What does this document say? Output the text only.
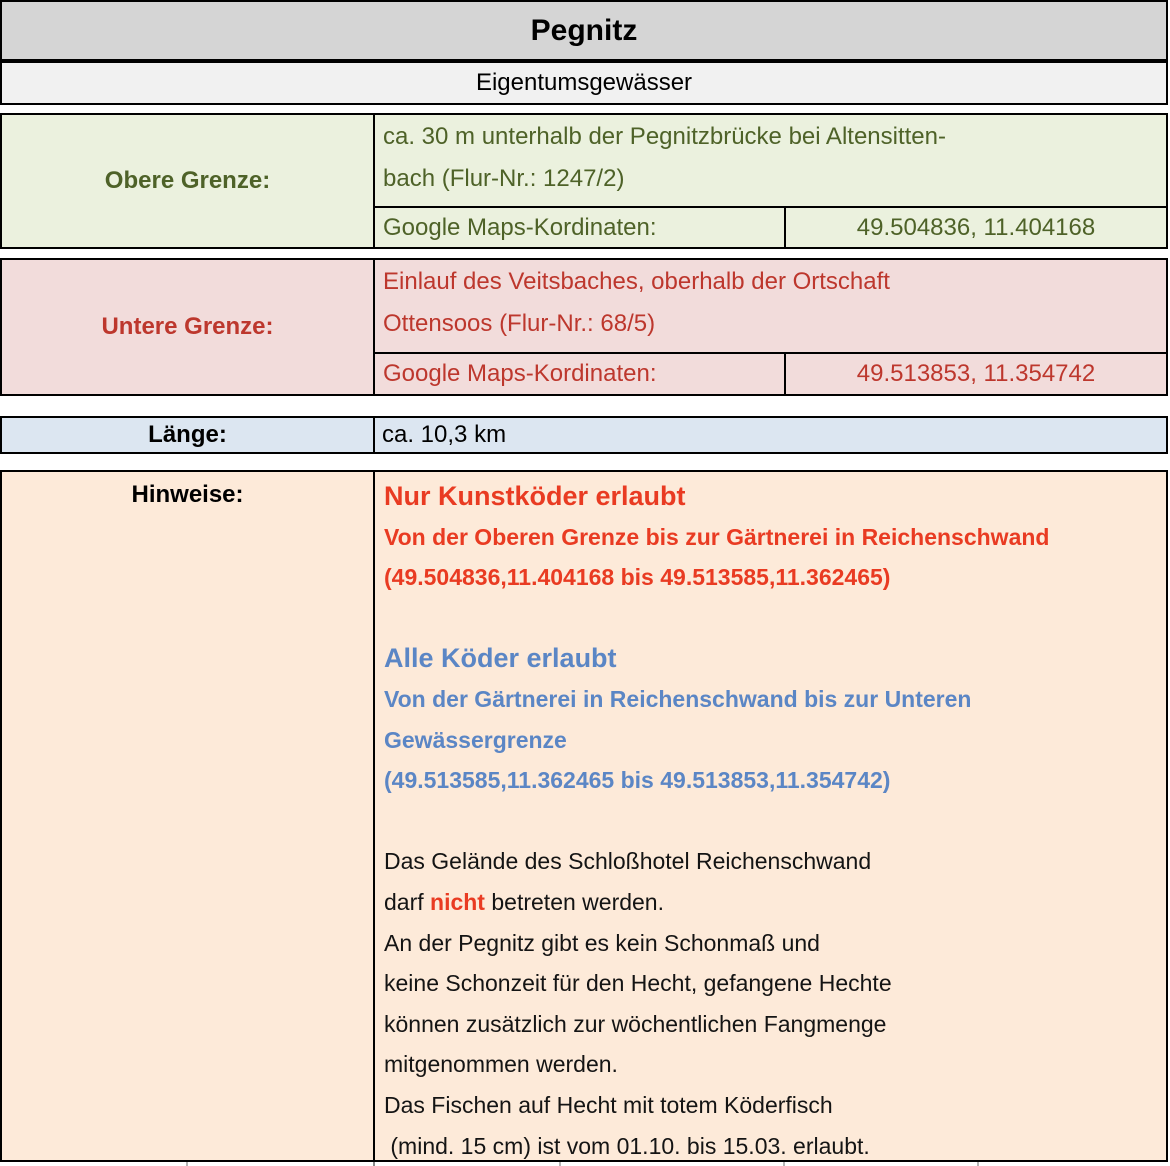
Pegnitz
Eigentumsgewässer
Obere Grenze:
ca. 30 m unterhalb der Pegnitzbrücke bei Altensitten-
bach (Flur-Nr.: 1247/2)
Google Maps-Kordinaten:	49.504836, 11.404168
Untere Grenze:
Einlauf des Veitsbaches, oberhalb der Ortschaft
Ottensoos (Flur-Nr.: 68/5)
Google Maps-Kordinaten:	49.513853, 11.354742
Länge:	ca. 10,3 km
Hinweise:	Nur Kunstköder erlaubt
Von der Oberen Grenze bis zur Gärtnerei in Reichenschwand
(49.504836,11.404168 bis 49.513585,11.362465)

Alle Köder erlaubt
Von der Gärtnerei in Reichenschwand bis zur Unteren
Gewässergrenze
(49.513585,11.362465 bis 49.513853,11.354742)

Das Gelände des Schloßhotel Reichenschwand
darf nicht betreten werden.
An der Pegnitz gibt es kein Schonmaß und
keine Schonzeit für den Hecht, gefangene Hechte
können zusätzlich zur wöchentlichen Fangmenge
mitgenommen werden.
Das Fischen auf Hecht mit totem Köderfisch
(mind. 15 cm) ist vom 01.10. bis 15.03. erlaubt.
